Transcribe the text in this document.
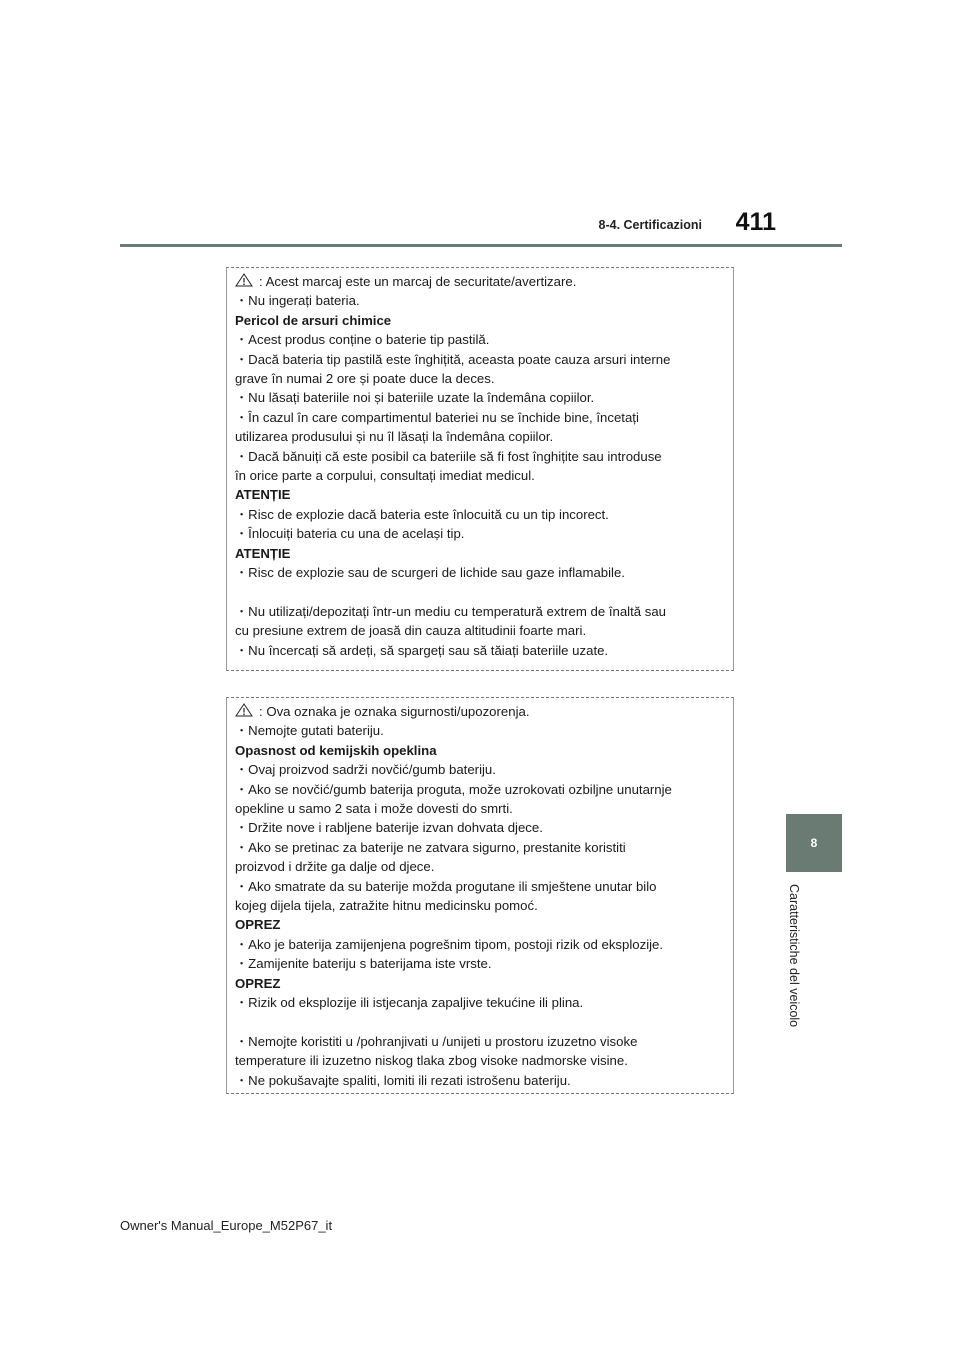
8-4. Certificazioni	411
8
Caratteristiche del veicolo
: Acest marcaj este un marcaj de securitate/avertizare.
・Nu ingerați bateria.
Pericol de arsuri chimice
・Acest produs conține o baterie tip pastilă.
・Dacă bateria tip pastilă este înghițită, aceasta poate cauza arsuri interne
grave în numai 2 ore și poate duce la deces.
・Nu lăsați bateriile noi și bateriile uzate la îndemâna copiilor.
・În cazul în care compartimentul bateriei nu se închide bine, încetați
utilizarea produsului și nu îl lăsați la îndemâna copiilor.
・Dacă bănuiți că este posibil ca bateriile să fi fost înghițite sau introduse
în orice parte a corpului, consultați imediat medicul.
ATENȚIE
・Risc de explozie dacă bateria este înlocuită cu un tip incorect.
・Înlocuiți bateria cu una de același tip.
ATENȚIE
・Risc de explozie sau de scurgeri de lichide sau gaze inflamabile.
・Nu utilizați/depozitați într-un mediu cu temperatură extrem de înaltă sau
cu presiune extrem de joasă din cauza altitudinii foarte mari.
・Nu încercați să ardeți, să spargeți sau să tăiați bateriile uzate.
: Ova oznaka je oznaka sigurnosti/upozorenja.
・Nemojte gutati bateriju.
Opasnost od kemijskih opeklina
・Ovaj proizvod sadrži novčić/gumb bateriju.
・Ako se novčić/gumb baterija proguta, može uzrokovati ozbiljne unutarnje
opekline u samo 2 sata i može dovesti do smrti.
・Držite nove i rabljene baterije izvan dohvata djece.
・Ako se pretinac za baterije ne zatvara sigurno, prestanite koristiti
proizvod i držite ga dalje od djece.
・Ako smatrate da su baterije možda progutane ili smještene unutar bilo
kojeg dijela tijela, zatražite hitnu medicinsku pomoć.
OPREZ
・Ako je baterija zamijenjena pogrešnim tipom, postoji rizik od eksplozije.
・Zamijenite bateriju s baterijama iste vrste.
OPREZ
・Rizik od eksplozije ili istjecanja zapaljive tekućine ili plina.
・Nemojte koristiti u /pohranjivati u /unijeti u prostoru izuzetno visoke
temperature ili izuzetno niskog tlaka zbog visoke nadmorske visine.
・Ne pokušavajte spaliti, lomiti ili rezati istrošenu bateriju.
Owner's Manual_Europe_M52P67_it
